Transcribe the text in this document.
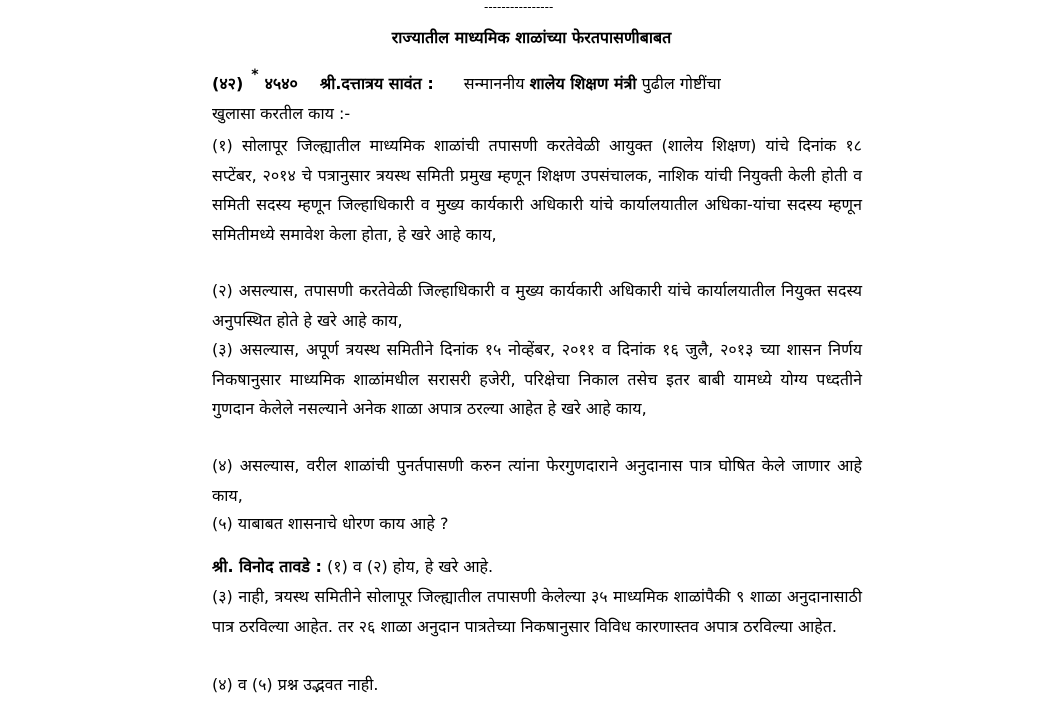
----------------
राज्यातील माध्यमिक शाळांच्या फेरतपासणीबाबत
(४२) * ४५४० श्री.दत्तात्रय सावंत : सन्माननीय शालेय शिक्षण मंत्री पुढील गोष्टींचा
खुलासा करतील काय :-
(१) सोलापूर जिल्ह्यातील माध्यमिक शाळांची तपासणी करतेवेळी आयुक्त (शालेय शिक्षण) यांचे दिनांक १८ सप्टेंबर, २०१४ चे पत्रानुसार त्रयस्थ समिती प्रमुख म्हणून शिक्षण उपसंचालक, नाशिक यांची नियुक्ती केली होती व समिती सदस्य म्हणून जिल्हाधिकारी व मुख्य कार्यकारी अधिकारी यांचे कार्यालयातील अधिका-यांचा सदस्य म्हणून समितीमध्ये समावेश केला होता, हे खरे आहे काय,
(२) असल्यास, तपासणी करतेवेळी जिल्हाधिकारी व मुख्य कार्यकारी अधिकारी यांचे कार्यालयातील नियुक्त सदस्य अनुपस्थित होते हे खरे आहे काय,
(३) असल्यास, अपूर्ण त्रयस्थ समितीने दिनांक १५ नोव्हेंबर, २०११ व दिनांक १६ जुलै, २०१३ च्या शासन निर्णय निकषानुसार माध्यमिक शाळांमधील सरासरी हजेरी, परिक्षेचा निकाल तसेच इतर बाबी यामध्ये योग्य पध्दतीने गुणदान केलेले नसल्याने अनेक शाळा अपात्र ठरल्या आहेत हे खरे आहे काय,
(४) असल्यास, वरील शाळांची पुनर्तपासणी करुन त्यांना फेरगुणदाराने अनुदानास पात्र घोषित केले जाणार आहे काय,
(५) याबाबत शासनाचे धोरण काय आहे ?
श्री. विनोद तावडे : (१) व (२) होय, हे खरे आहे.
(३) नाही, त्रयस्थ समितीने सोलापूर जिल्ह्यातील तपासणी केलेल्या ३५ माध्यमिक शाळांपैकी ९ शाळा अनुदानासाठी पात्र ठरविल्या आहेत. तर २६ शाळा अनुदान पात्रतेच्या निकषानुसार विविध कारणास्तव अपात्र ठरविल्या आहेत.
(४) व (५) प्रश्न उद्भवत नाही.
